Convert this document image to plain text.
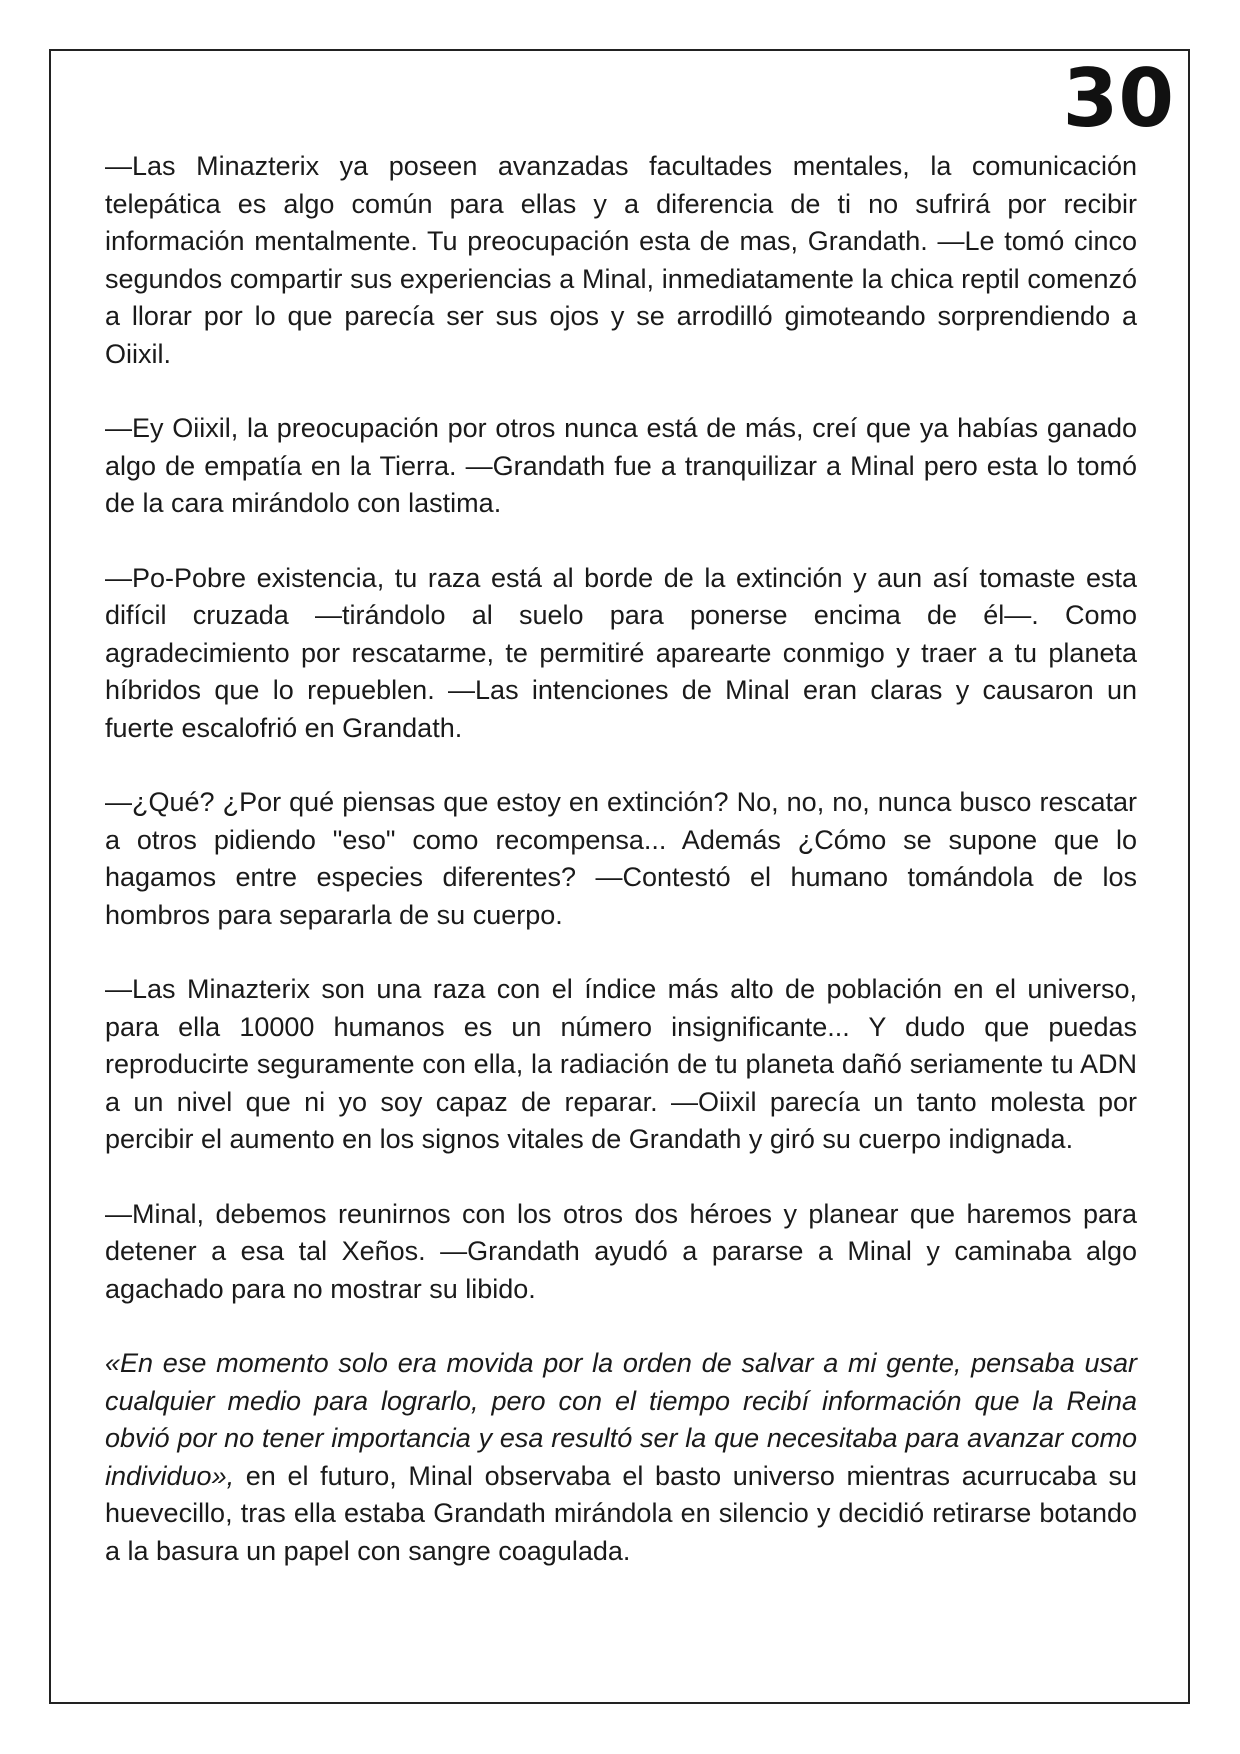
30

—Las Minazterix ya poseen avanzadas facultades mentales, la comunicación telepática es algo común para ellas y a diferencia de ti no sufrirá por recibir información mentalmente. Tu preocupación esta de mas, Grandath. —Le tomó cinco segundos compartir sus experiencias a Minal, inmediatamente la chica reptil comenzó a llorar por lo que parecía ser sus ojos y se arrodilló gimoteando sorprendiendo a Oiixil.

—Ey Oiixil, la preocupación por otros nunca está de más, creí que ya habías ganado algo de empatía en la Tierra. —Grandath fue a tranquilizar a Minal pero esta lo tomó de la cara mirándolo con lastima.

—Po-Pobre existencia, tu raza está al borde de la extinción y aun así tomaste esta difícil cruzada —tirándolo al suelo para ponerse encima de él—. Como agradecimiento por rescatarme, te permitiré aparearte conmigo y traer a tu planeta híbridos que lo repueblen. —Las intenciones de Minal eran claras y causaron un fuerte escalofrió en Grandath.

—¿Qué? ¿Por qué piensas que estoy en extinción? No, no, no, nunca busco rescatar a otros pidiendo "eso" como recompensa... Además ¿Cómo se supone que lo hagamos entre especies diferentes? —Contestó el humano tomándola de los hombros para separarla de su cuerpo.

—Las Minazterix son una raza con el índice más alto de población en el universo, para ella 10000 humanos es un número insignificante... Y dudo que puedas reproducirte seguramente con ella, la radiación de tu planeta dañó seriamente tu ADN a un nivel que ni yo soy capaz de reparar. —Oiixil parecía un tanto molesta por percibir el aumento en los signos vitales de Grandath y giró su cuerpo indignada.

—Minal, debemos reunirnos con los otros dos héroes y planear que haremos para detener a esa tal Xeños. —Grandath ayudó a pararse a Minal y caminaba algo agachado para no mostrar su libido.

«En ese momento solo era movida por la orden de salvar a mi gente, pensaba usar cualquier medio para lograrlo, pero con el tiempo recibí información que la Reina obvió por no tener importancia y esa resultó ser la que necesitaba para avanzar como individuo», en el futuro, Minal observaba el basto universo mientras acurrucaba su huevecillo, tras ella estaba Grandath mirándola en silencio y decidió retirarse botando a la basura un papel con sangre coagulada.
